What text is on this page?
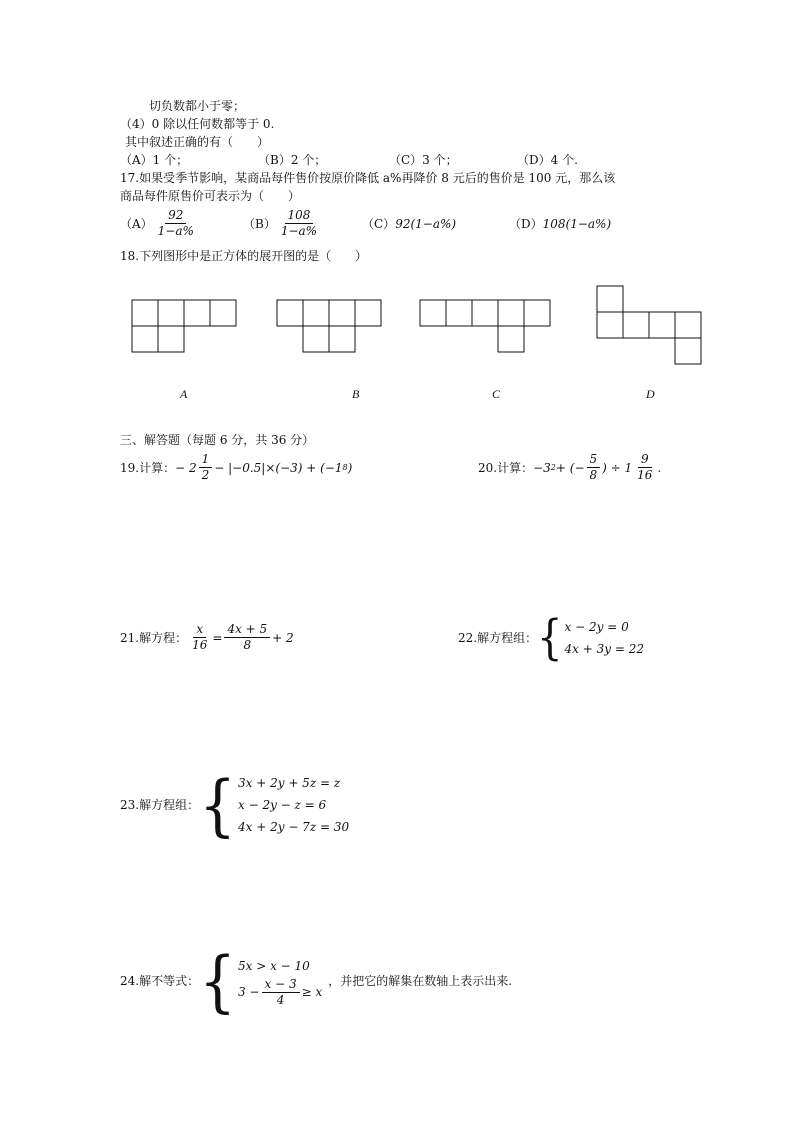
切负数都小于零；
（4）0 除以任何数都等于 0.
其中叙述正确的有（　　）
（A）1 个；	（B）2 个；	（C）3 个；	（D）4 个.
17.如果受季节影响，某商品每件售价按原价降低 a%再降价 8 元后的售价是 100 元，那么该
商品每件原售价可表示为（　　）
$(A) \frac{92}{1-a\%}$	$(B) \frac{108}{1-a\%}$	（C）92(1−a%)	（D）108(1−a%)
18.下列图形中是正方体的展开图的是（　　）
A	B	C	D
三、解答题（每题 6 分，共 36 分）
19.计算： − $2 \frac{1}{2} - |-0.5|\times(-3) + (-1$ 8 )	20.计算： −3 2 + (− $\frac{5}{8}$ ) ÷ $1 \frac{9}{16}$ .
21.解方程： $\frac{x}{16} = \frac{4x + 5}{8} + 2$	22.解方程组： { x − 2y = 0
4x + 3y = 22
23.解方程组： { 3x + 2y + 5z = z
x − 2y − z = 6
4x + 2y − 7z = 30
24.解不等式： { 5x > x − 10
$3 - \frac{x - 3}{4} \ge x$
，并把它的解集在数轴上表示出来.
